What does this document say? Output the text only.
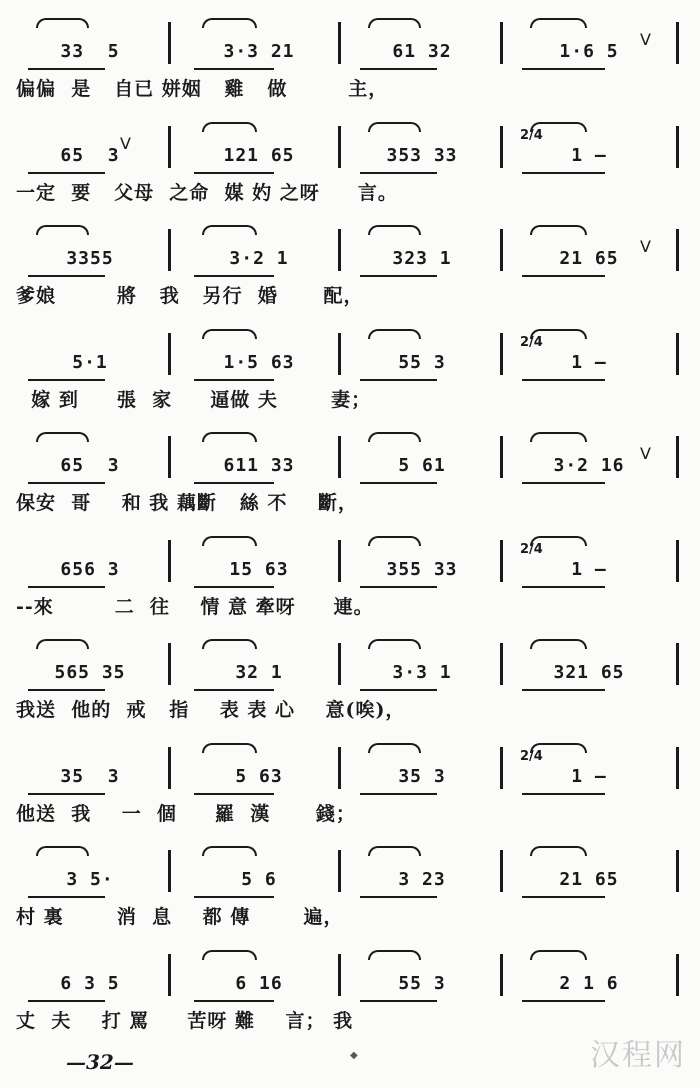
33  5	3·3 21	61 32	1·6 5
V
偏偏  是   自已 姘姻   雞   做        主，
65  3	121 65	353 33	1 —
V	2/4
一定  要   父母  之命  媒 妁 之呀     言。
3355	3·2 1	323 1	21 65
V
爹娘        將   我   另行  婚      配，
5·1	1·5 63	55 3	1 —
2/4
嫁 到     張  家     逼做 夫       妻；
65  3	611 33	5 61	3·2 16
V
保安  哥    和 我 藕斷   絲 不    斷，
656 3	15 63	355 33	1 —
2/4
--來        二  往    情 意 牽呀     連。
565 35	32 1	3·3 1	321 65
我送  他的  戒   指    表 表 心    意(唉)，
35  3	5 63	35 3	1 —
2/4
他送  我    一  個     羅  漢      錢；
3 5·	5 6	3 23	21 65
村 裏       消  息    都 傳       遍，
6 3 5	6 16	55 3	2 1 6
丈  夫    打 罵     苦呀 難    言； 我
—32—	◆	汉程网
